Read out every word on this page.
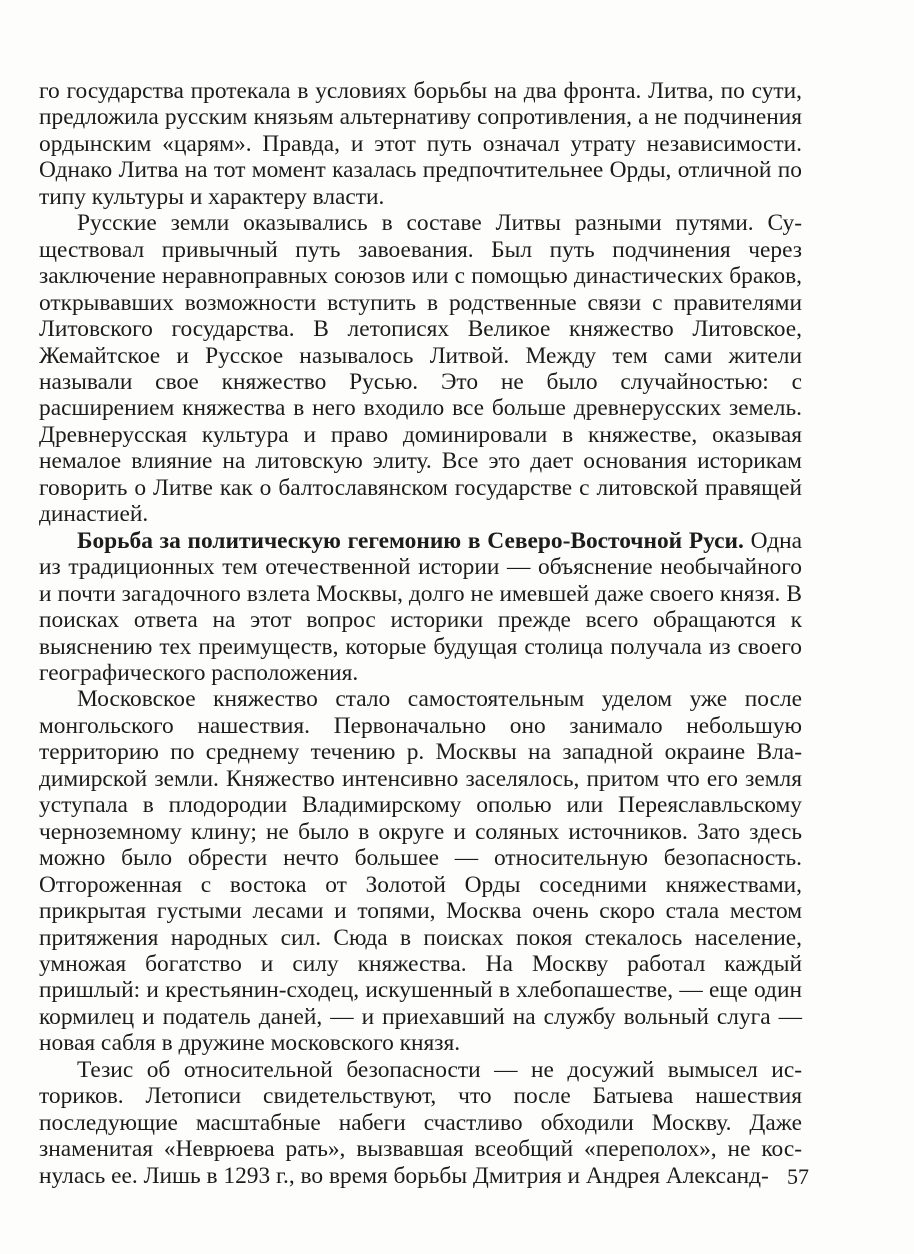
го государства протекала в условиях борьбы на два фронта. Литва, по сути, предложила русским князьям альтернативу сопротивления, а не подчинения ордынским «царям». Правда, и этот путь означал утрату независимости. Однако Литва на тот момент казалась предпочтительнее Орды, отличной по типу культуры и характеру власти.

Русские земли оказывались в составе Литвы разными путями. Существовал привычный путь завоевания. Был путь подчинения через заключение неравноправных союзов или с помощью династических браков, открывавших возможности вступить в родственные связи с правителями Литовского государства. В летописях Великое княжество Литовское, Жемайтское и Русское называлось Литвой. Между тем сами жители называли свое княжество Русью. Это не было случайностью: с расширением княжества в него входило все больше древнерусских земель. Древнерусская культура и право доминировали в княжестве, оказывая немалое влияние на литовскую элиту. Все это дает основания историкам говорить о Литве как о балтославянском государстве с литовской правящей династией.

Борьба за политическую гегемонию в Северо-Восточной Руси. Одна из традиционных тем отечественной истории — объяснение необычайного и почти загадочного взлета Москвы, долго не имевшей даже своего князя. В поисках ответа на этот вопрос историки прежде всего обращаются к выяснению тех преимуществ, которые будущая столица получала из своего географического расположения.

Московское княжество стало самостоятельным уделом уже после монгольского нашествия. Первоначально оно занимало небольшую территорию по среднему течению р. Москвы на западной окраине Владимирской земли. Княжество интенсивно заселялось, притом что его земля уступала в плодородии Владимирскому ополью или Переяславльскому черноземному клину; не было в округе и соляных источников. Зато здесь можно было обрести нечто большее — относительную безопасность. Отгороженная с востока от Золотой Орды соседними княжествами, прикрытая густыми лесами и топями, Москва очень скоро стала местом притяжения народных сил. Сюда в поисках покоя стекалось население, умножая богатство и силу княжества. На Москву работал каждый пришлый: и крестьянин-сходец, искушенный в хлебопашестве, — еще один кормилец и податель даней, — и приехавший на службу вольный слуга — новая сабля в дружине московского князя.

Тезис об относительной безопасности — не досужий вымысел историков. Летописи свидетельствуют, что после Батыева нашествия последующие масштабные набеги счастливо обходили Москву. Даже знаменитая «Неврюева рать», вызвавшая всеобщий «переполох», не коснулась ее. Лишь в 1293 г., во время борьбы Дмитрия и Андрея Александ- 57
